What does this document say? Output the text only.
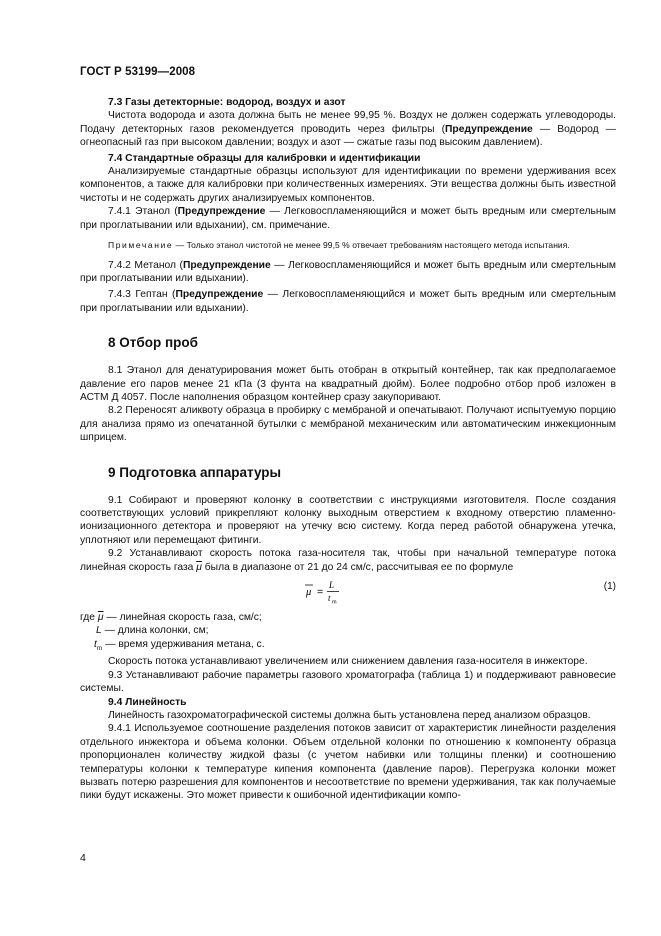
ГОСТ Р 53199—2008

7.3 Газы детекторные: водород, воздух и азот

Чистота водорода и азота должна быть не менее 99,95 %. Воздух не должен содержать углеводороды. Подачу детекторных газов рекомендуется проводить через фильтры (Предупреждение — Водород — огнеопасный газ при высоком давлении; воздух и азот — сжатые газы под высоким давлением).

7.4 Стандартные образцы для калибровки и идентификации

Анализируемые стандартные образцы используют для идентификации по времени удерживания всех компонентов, а также для калибровки при количественных измерениях. Эти вещества должны быть известной чистоты и не содержать других анализируемых компонентов.

7.4.1 Этанол (Предупреждение — Легковоспламеняющийся и может быть вредным или смертельным при проглатывании или вдыхании), см. примечание.

Примечание — Только этанол чистотой не менее 99,5 % отвечает требованиям настоящего метода испытания.

7.4.2 Метанол (Предупреждение — Легковоспламеняющийся и может быть вредным или смертельным при проглатывании или вдыхании).

7.4.3 Гептан (Предупреждение — Легковоспламеняющийся и может быть вредным или смертельным при проглатывании или вдыхании).

8 Отбор проб

8.1 Этанол для денатурирования может быть отобран в открытый контейнер, так как предполагаемое давление его паров менее 21 кПа (3 фунта на квадратный дюйм). Более подробно отбор проб изложен в АСТМ Д 4057. После наполнения образцом контейнер сразу закупоривают.

8.2 Переносят аликвоту образца в пробирку с мембраной и опечатывают. Получают испытуемую порцию для анализа прямо из опечатанной бутылки с мембраной механическим или автоматическим инжекционным шприцем.

9 Подготовка аппаратуры

9.1 Собирают и проверяют колонку в соответствии с инструкциями изготовителя. После создания соответствующих условий прикрепляют колонку выходным отверстием к входному отверстию пламенно-ионизационного детектора и проверяют на утечку всю систему. Когда перед работой обнаружена утечка, уплотняют или перемещают фитинги.

9.2 Устанавливают скорость потока газа-носителя так, чтобы при начальной температуре потока линейная скорость газа $\overline{\mu}$ была в диапазоне от 21 до 24 см/с, рассчитывая ее по формуле

μ =
L
t m
(1)

где $\overline{\mu}$ — линейная скорость газа, см/с;

L — длина колонки, см;

$t_m$ — время удерживания метана, с.

Скорость потока устанавливают увеличением или снижением давления газа-носителя в инжекторе.

9.3 Устанавливают рабочие параметры газового хроматографа (таблица 1) и поддерживают равновесие системы.

9.4 Линейность

Линейность газохроматографической системы должна быть установлена перед анализом образцов.

9.4.1 Используемое соотношение разделения потоков зависит от характеристик линейности разделения отдельного инжектора и объема колонки. Объем отдельной колонки по отношению к компоненту образца пропорционален количеству жидкой фазы (с учетом набивки или толщины пленки) и соотношению температуры колонки к температуре кипения компонента (давление паров). Перегрузка колонки может вызвать потерю разрешения для компонентов и несоответствие по времени удерживания, так как получаемые пики будут искажены. Это может привести к ошибочной идентификации компо-

4
